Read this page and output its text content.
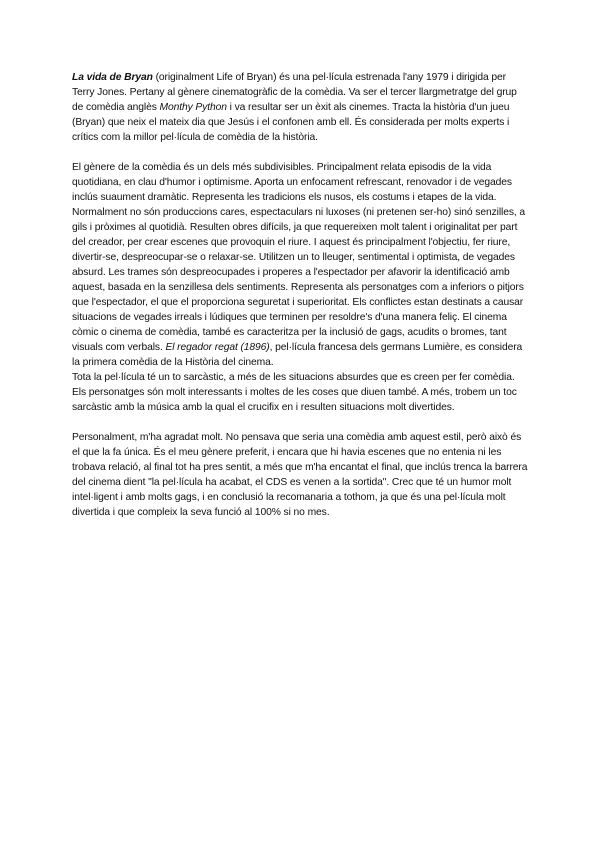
La vida de Bryan (originalment Life of Bryan) és una pel·lícula estrenada l'any 1979 i dirigida per Terry Jones. Pertany al gènere cinematogràfic de la comèdia. Va ser el tercer llargmetratge del grup de comèdia anglès Monthy Python i va resultar ser un èxit als cinemes. Tracta la història d'un jueu (Bryan) que neix el mateix dia que Jesús i el confonen amb ell. És considerada per molts experts i crítics com la millor pel·lícula de comèdia de la història.

El gènere de la comèdia és un dels més subdivisibles. Principalment relata episodis de la vida quotidiana, en clau d'humor i optimisme. Aporta un enfocament refrescant, renovador i de vegades inclús suaument dramàtic. Representa les tradicions els nusos, els costums i etapes de la vida. Normalment no són produccions cares, espectaculars ni luxoses (ni pretenen ser-ho) sinó senzilles, a gils i pròximes al quotidià. Resulten obres difícils, ja que requereixen molt talent i originalitat per part del creador, per crear escenes que provoquin el riure. I aquest és principalment l'objectiu, fer riure, divertir-se, despreocupar-se o relaxar-se. Utilitzen un to lleuger, sentimental i optimista, de vegades absurd. Les trames són despreocupades i properes a l'espectador per afavorir la identificació amb aquest, basada en la senzillesa dels sentiments. Representa als personatges com a inferiors o pitjors que l'espectador, el que el proporciona seguretat i superioritat. Els conflictes estan destinats a causar situacions de vegades irreals i lúdiques que terminen per resoldre's d'una manera feliç. El cinema còmic o cinema de comèdia, també es caracteritza per la inclusió de gags, acudits o bromes, tant visuals com verbals. El regador regat (1896), pel·lícula francesa dels germans Lumière, es considera la primera comèdia de la Història del cinema.

Tota la pel·lícula té un to sarcàstic, a més de les situacions absurdes que es creen per fer comèdia. Els personatges són molt interessants i moltes de les coses que diuen també. A més, trobem un toc sarcàstic amb la música amb la qual el crucifix en i resulten situacions molt divertides.

Personalment, m'ha agradat molt. No pensava que seria una comèdia amb aquest estil, però això és el que la fa única. És el meu gènere preferit, i encara que hi havia escenes que no entenia ni les trobava relació, al final tot ha pres sentit, a més que m'ha encantat el final, que inclús trenca la barrera del cinema dient "la pel·lícula ha acabat, el CDS es venen a la sortida". Crec que té un humor molt intel·ligent i amb molts gags, i en conclusió la recomanaria a tothom, ja que és una pel·lícula molt divertida i que compleix la seva funció al 100% si no mes.
